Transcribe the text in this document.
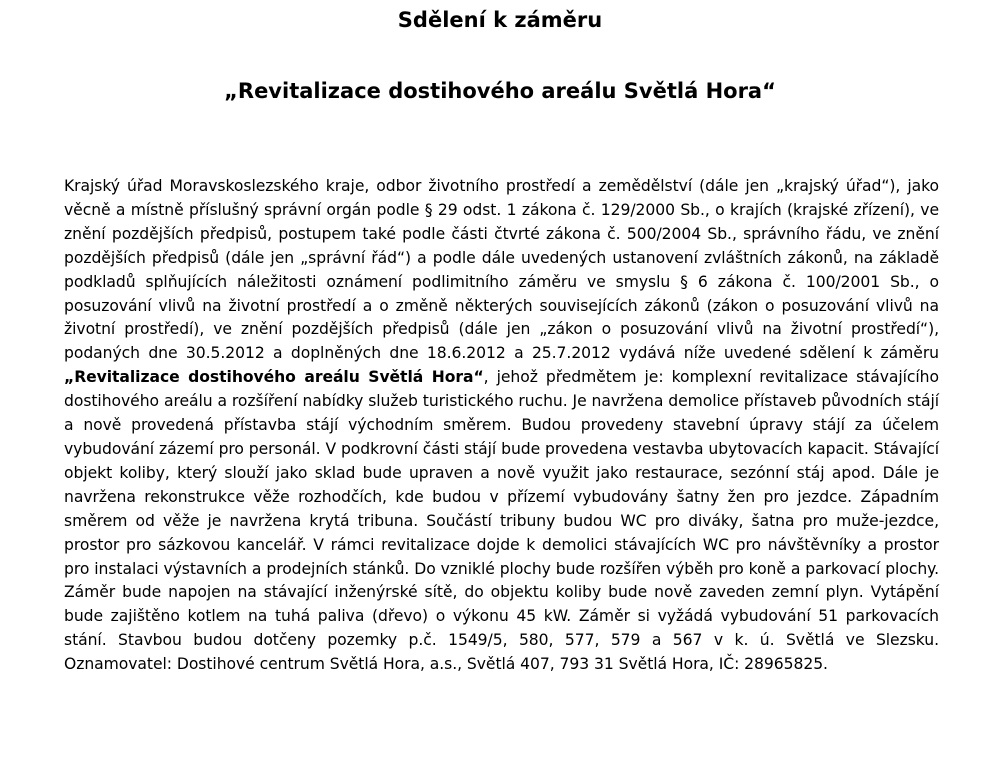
Sdělení k záměru
„Revitalizace dostihového areálu Světlá Hora“

Krajský úřad Moravskoslezského kraje, odbor životního prostředí a zemědělství (dále jen „krajský úřad“), jako věcně a místně příslušný správní orgán podle § 29 odst. 1 zákona č. 129/2000 Sb., o krajích (krajské zřízení), ve znění pozdějších předpisů, postupem také podle části čtvrté zákona č. 500/2004 Sb., správního řádu, ve znění pozdějších předpisů (dále jen „správní řád“) a podle dále uvedených ustanovení zvláštních zákonů, na základě podkladů splňujících náležitosti oznámení podlimitního záměru ve smyslu § 6 zákona č. 100/2001 Sb., o posuzování vlivů na životní prostředí a o změně některých souvisejících zákonů (zákon o posuzování vlivů na životní prostředí), ve znění pozdějších předpisů (dále jen „zákon o posuzování vlivů na životní prostředí“), podaných dne 30.5.2012 a doplněných dne 18.6.2012 a 25.7.2012 vydává níže uvedené sdělení k záměru „Revitalizace dostihového areálu Světlá Hora“, jehož předmětem je: komplexní revitalizace stávajícího dostihového areálu a rozšíření nabídky služeb turistického ruchu. Je navržena demolice přístaveb původních stájí a nově provedená přístavba stájí východním směrem. Budou provedeny stavební úpravy stájí za účelem vybudování zázemí pro personál. V podkrovní části stájí bude provedena vestavba ubytovacích kapacit. Stávající objekt koliby, který slouží jako sklad bude upraven a nově využit jako restaurace, sezónní stáj apod. Dále je navržena rekonstrukce věže rozhodčích, kde budou v přízemí vybudovány šatny žen pro jezdce. Západním směrem od věže je navržena krytá tribuna. Součástí tribuny budou WC pro diváky, šatna pro muže-jezdce, prostor pro sázkovou kancelář. V rámci revitalizace dojde k demolici stávajících WC pro návštěvníky a prostor pro instalaci výstavních a prodejních stánků. Do vzniklé plochy bude rozšířen výběh pro koně a parkovací plochy. Záměr bude napojen na stávající inženýrské sítě, do objektu koliby bude nově zaveden zemní plyn. Vytápění bude zajištěno kotlem na tuhá paliva (dřevo) o výkonu 45 kW. Záměr si vyžádá vybudování 51 parkovacích stání. Stavbou budou dotčeny pozemky p.č. 1549/5, 580, 577, 579 a 567 v k. ú. Světlá ve Slezsku. Oznamovatel: Dostihové centrum Světlá Hora, a.s., Světlá 407, 793 31 Světlá Hora, IČ: 28965825.
